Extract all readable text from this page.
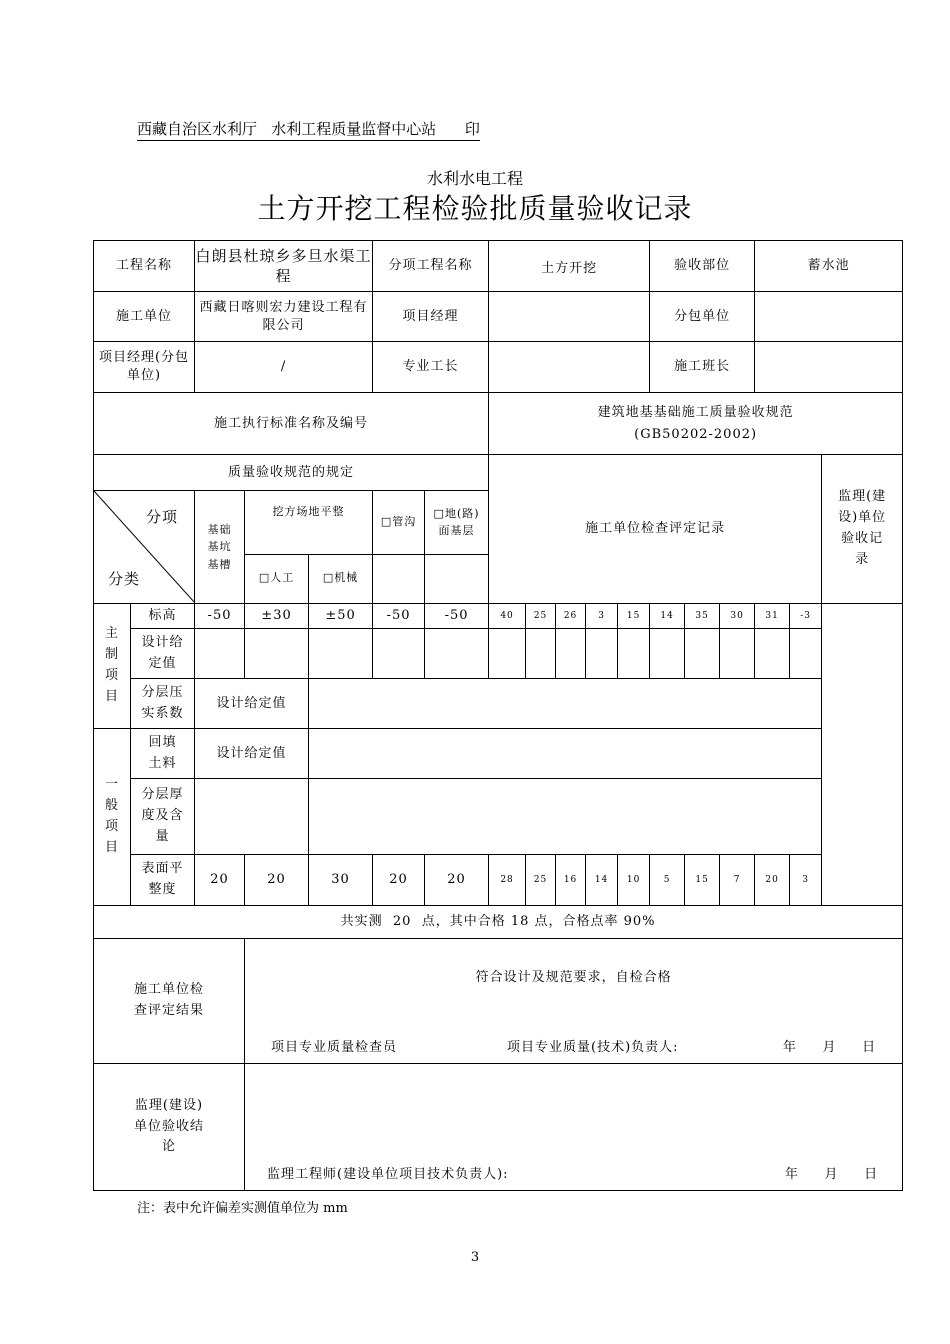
西藏自治区水利厅   水利工程质量监督中心站      印
水利水电工程
土方开挖工程检验批质量验收记录
工程名称		白朗县杜琼乡多旦水渠工程			分项工程名称		土方开挖					验收部位			蓄水池		
施工单位		西藏日喀则宏力建设工程有限公司			项目经理							分包单位					
项目经理(分包单位)		/			专业工长							施工班长					
施工执行标准名称及编号							建筑地基基础施工质量验收规范
(GB50202-2002)										

质量验收规范的规定							施工单位检查评定记录										监理(建设)单位验收记录

分项
分类		基础基坑基槽	挖方场地平整		□管沟	□地(路)面基层											
			□人工	□机械													
主制项目	标高	-50	±30	±50	-50	-50	40	25	26	3	15	14	35	30	31	-3	
	设计给定值																
	分层压实系数	设计给定值															
一般项目	回填土料	设计给定值															
	分层厚度及含量																
	表面平整度	20	20	30	20	20	28	25	16	14	10	5	15	7	20	3	
共实测  20  点，其中合格 18 点，合格点率 90%																	
施工单位检查评定结果			符合设计及规范要求，自检合格
项目专业质量检查员 项目专业质量(技术)负责人: 年     月     日														

监理(建设)单位验收结论			监理工程师(建设单位项目技术负责人): 年     月     日														
注：表中允许偏差实测值单位为 mm
3
